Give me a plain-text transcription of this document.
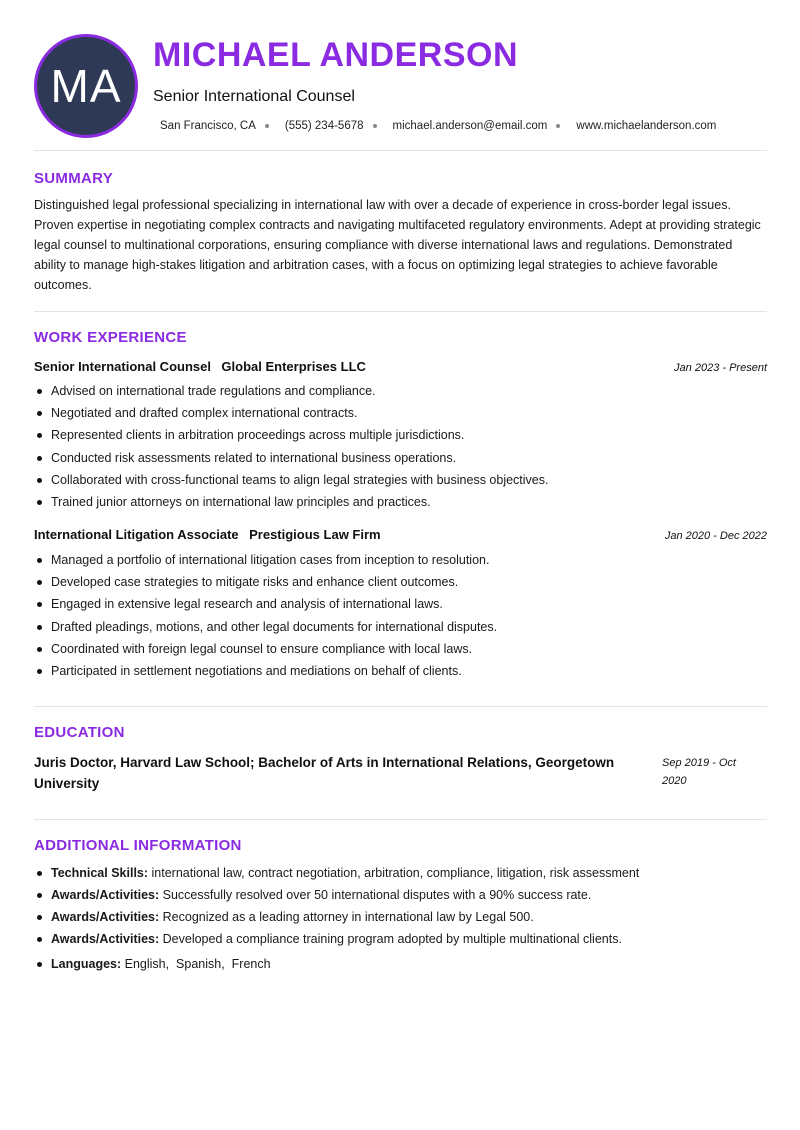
MA
MICHAEL ANDERSON
Senior International Counsel
San Francisco, CA	(555) 234-5678	michael.anderson@email.com	www.michaelanderson.com
SUMMARY

Distinguished legal professional specializing in international law with over a decade of experience in cross-border legal issues. Proven expertise in negotiating complex contracts and navigating multifaceted regulatory environments. Adept at providing strategic legal counsel to multinational corporations, ensuring compliance with diverse international laws and regulations. Demonstrated ability to manage high-stakes litigation and arbitration cases, with a focus on optimizing legal strategies to achieve favorable outcomes.

WORK EXPERIENCE
Senior International Counsel Global Enterprises LLC	Jan 2023 - Present
Advised on international trade regulations and compliance.
Negotiated and drafted complex international contracts.
Represented clients in arbitration proceedings across multiple jurisdictions.
Conducted risk assessments related to international business operations.
Collaborated with cross-functional teams to align legal strategies with business objectives.
Trained junior attorneys on international law principles and practices.
International Litigation Associate Prestigious Law Firm	Jan 2020 - Dec 2022
Managed a portfolio of international litigation cases from inception to resolution.
Developed case strategies to mitigate risks and enhance client outcomes.
Engaged in extensive legal research and analysis of international laws.
Drafted pleadings, motions, and other legal documents for international disputes.
Coordinated with foreign legal counsel to ensure compliance with local laws.
Participated in settlement negotiations and mediations on behalf of clients.
EDUCATION
Juris Doctor, Harvard Law School; Bachelor of Arts in International Relations, Georgetown University
Sep 2019 - Oct 2020
ADDITIONAL INFORMATION
Technical Skills: international law, contract negotiation, arbitration, compliance, litigation, risk assessment
Awards/Activities: Successfully resolved over 50 international disputes with a 90% success rate.
Awards/Activities: Recognized as a leading attorney in international law by Legal 500.
Awards/Activities: Developed a compliance training program adopted by multiple multinational clients.
Languages: English,  Spanish,  French
